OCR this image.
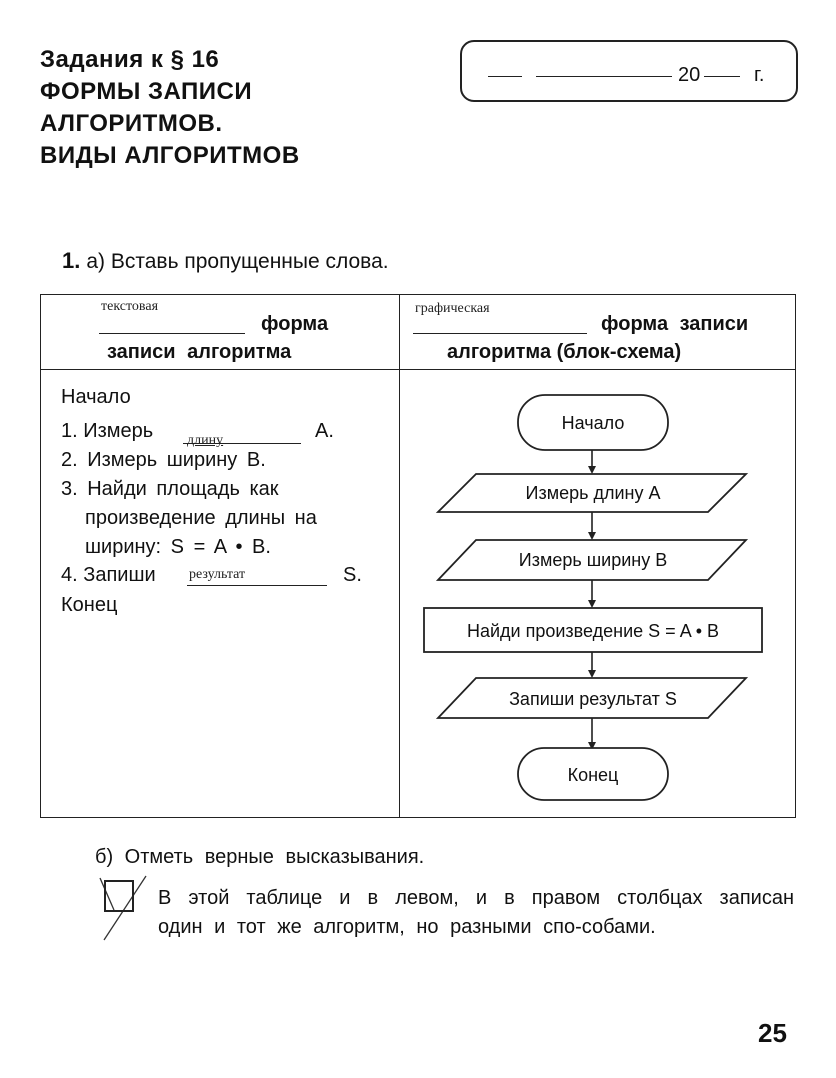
Задания к § 16
ФОРМЫ ЗАПИСИ
АЛГОРИТМОВ.
ВИДЫ АЛГОРИТМОВ
20	г.
1. а) Вставь пропущенные слова.
текстовая
форма
записи алгоритма
графическая
форма записи
алгоритма (блок-схема)
Начало
1. Измерь длину	А.
2. Измерь ширину В.
3. Найди площадь как
произведение длины на
ширину: S = A • B.
4. Запиши результат	S.
Конец
Начало
Измерь длину А
Измерь ширину В
Найди произведение S = A • B
Запиши результат S
Конец
б) Отметь верные высказывания.
В этой таблице и в левом, и в правом столбцах записан один и тот же алгоритм, но разными спо-собами.
25
